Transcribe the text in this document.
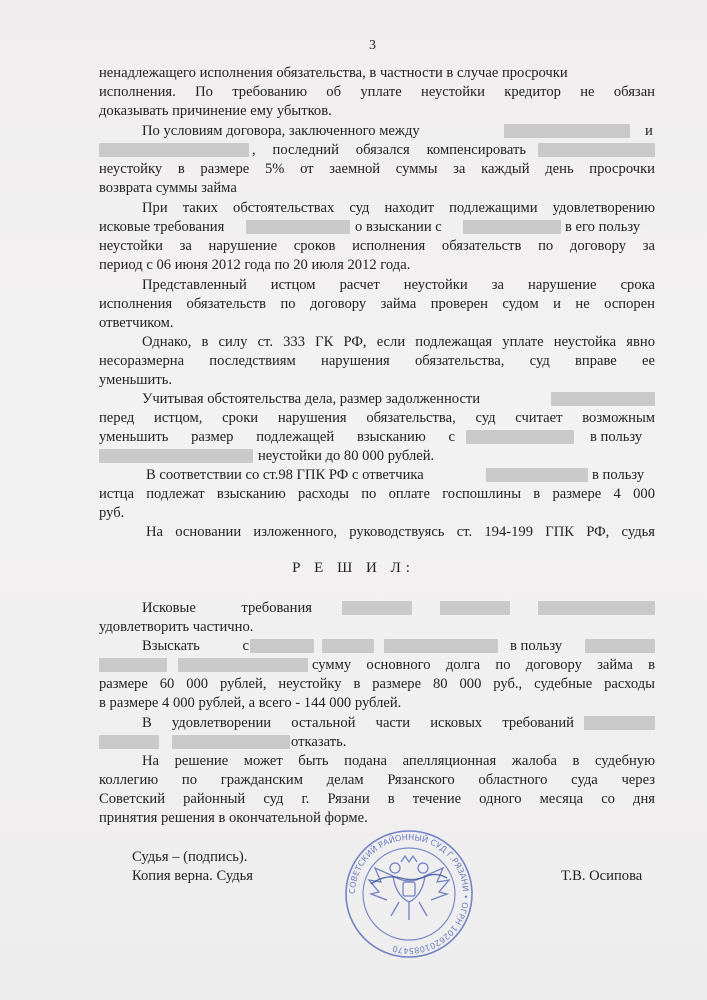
3
ненадлежащего исполнения обязательства, в частности в случае просрочки
исполнения. По требованию об уплате неустойки кредитор не обязан
доказывать причинение ему убытков.
По условиям договора, заключенного между	и
, последний обязался компенсировать
неустойку в размере 5% от заемной суммы за каждый день просрочки
возврата суммы займа
При таких обстоятельствах суд находит подлежащими удовлетворению
исковые требования	о взыскании с	в его пользу
неустойки за нарушение сроков исполнения обязательств по договору за
период с 06 июня 2012 года по 20 июля 2012 года.
Представленный истцом расчет неустойки за нарушение срока
исполнения обязательств по договору займа проверен судом и не оспорен
ответчиком.
Однако, в силу ст. 333 ГК РФ, если подлежащая уплате неустойка явно
несоразмерна последствиям нарушения обязательства, суд вправе ее
уменьшить.
Учитывая обстоятельства дела, размер задолженности
перед истцом, сроки нарушения обязательства, суд считает возможным
уменьшить размер подлежащей взысканию с	в пользу
неустойки до 80 000 рублей.
В соответствии со ст.98 ГПК РФ с ответчика	в пользу
истца подлежат взысканию расходы по оплате госпошлины в размере 4 000
руб.
На основании изложенного, руководствуясь ст. 194-199 ГПК РФ, судья
Р Е Ш И Л:
Исковые требования
удовлетворить частично.
Взыскать с	в пользу
сумму основного долга по договору займа в
размере 60 000 рублей, неустойку в размере 80 000 руб., судебные расходы
в размере 4 000 рублей, а всего - 144 000 рублей.
В удовлетворении остальной части исковых требований
отказать.
На решение может быть подана апелляционная жалоба в судебную
коллегию по гражданским делам Рязанского областного суда через
Советский районный суд г. Рязани в течение одного месяца со дня
принятия решения в окончательной форме.
Судья – (подпись).
Копия верна. Судья	Т.В. Осипова
СОВЕТСКИЙ РАЙОННЫЙ СУД Г.РЯЗАНИ • ОГРН 1026201085470
